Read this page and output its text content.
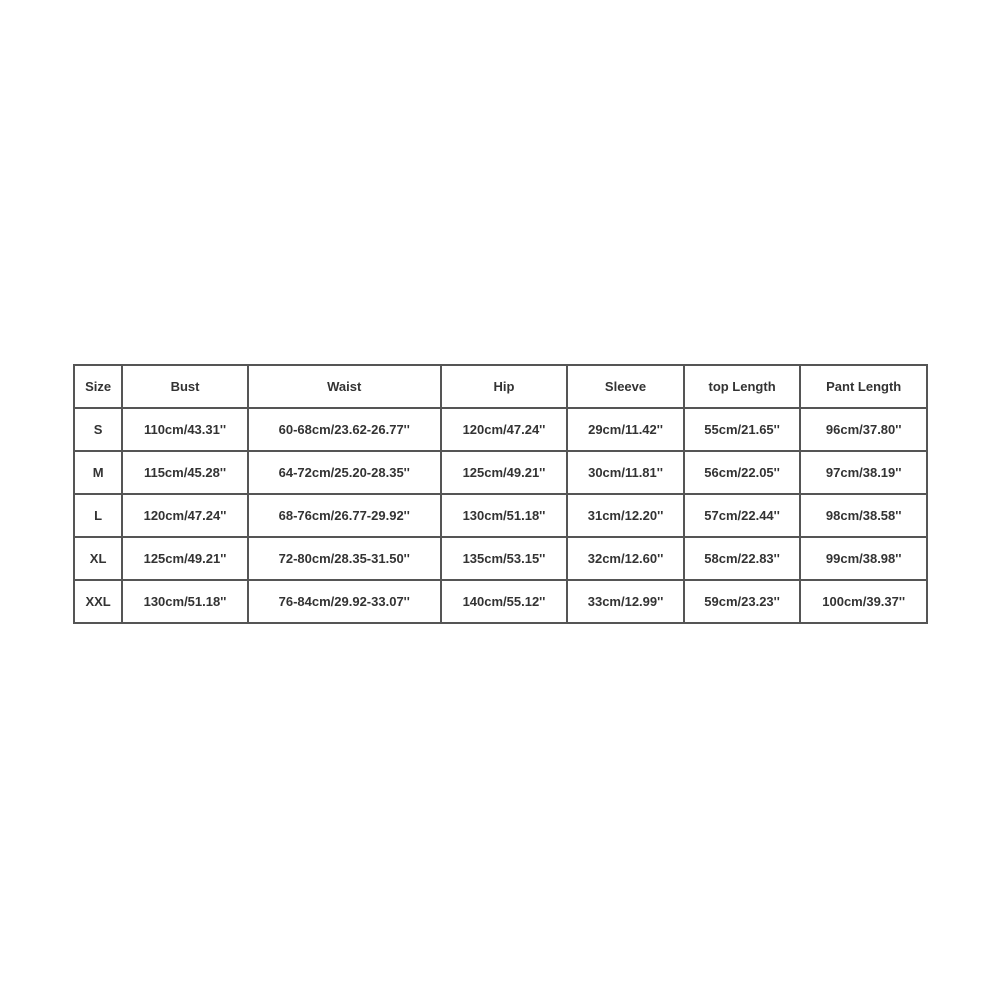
Size	Bust	Waist	Hip	Sleeve	top Length	Pant Length
S	110cm/43.31''	60-68cm/23.62-26.77''	120cm/47.24''	29cm/11.42''	55cm/21.65''	96cm/37.80''
M	115cm/45.28''	64-72cm/25.20-28.35''	125cm/49.21''	30cm/11.81''	56cm/22.05''	97cm/38.19''
L	120cm/47.24''	68-76cm/26.77-29.92''	130cm/51.18''	31cm/12.20''	57cm/22.44''	98cm/38.58''
XL	125cm/49.21''	72-80cm/28.35-31.50''	135cm/53.15''	32cm/12.60''	58cm/22.83''	99cm/38.98''
XXL	130cm/51.18''	76-84cm/29.92-33.07''	140cm/55.12''	33cm/12.99''	59cm/23.23''	100cm/39.37''
